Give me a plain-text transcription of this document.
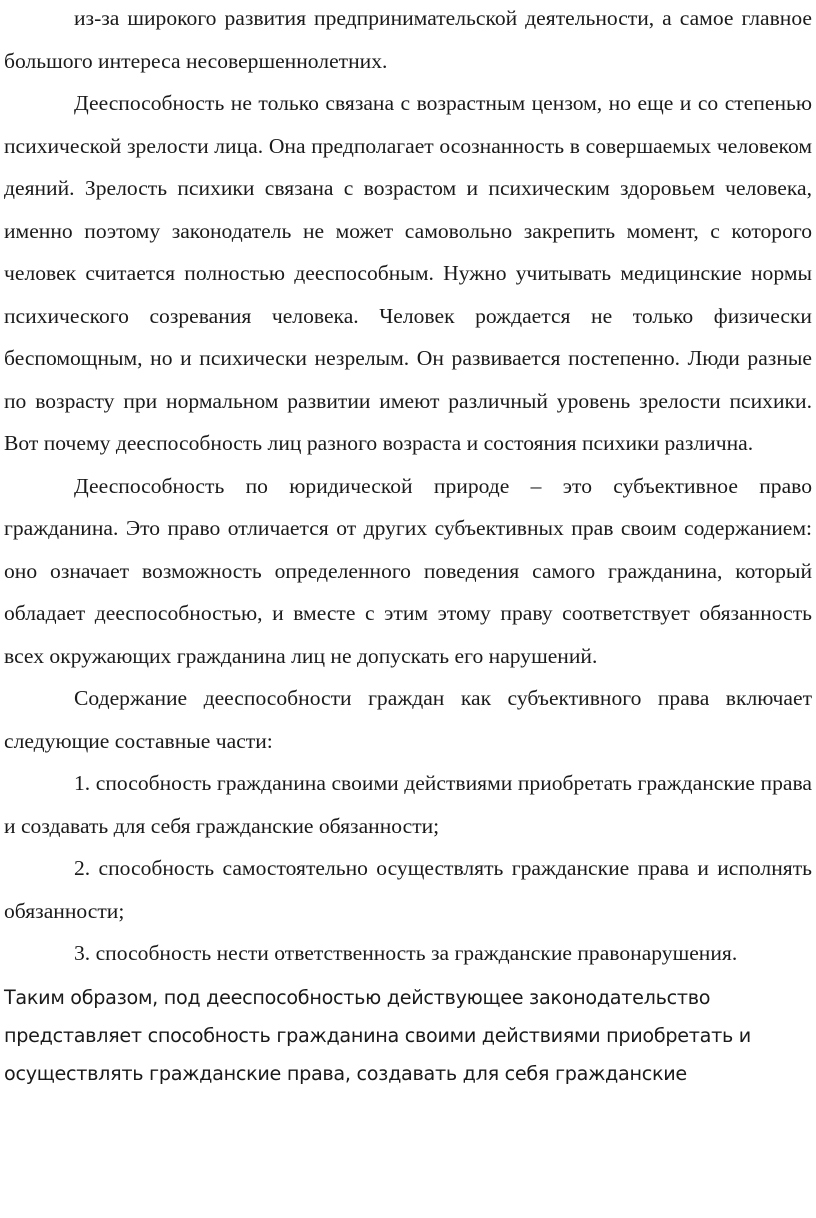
из-за широкого развития предпринимательской деятельности, а самое главное большого интереса несовершеннолетних.

Дееспособность не только связана с возрастным цензом, но еще и со степенью психической зрелости лица. Она предполагает осознанность в совершаемых человеком деяний. Зрелость психики связана с возрастом и психическим здоровьем человека, именно поэтому законодатель не может самовольно закрепить момент, с которого человек считается полностью дееспособным. Нужно учитывать медицинские нормы психического созревания человека. Человек рождается не только физически беспомощным, но и психически незрелым. Он развивается постепенно. Люди разные по возрасту при нормальном развитии имеют различный уровень зрелости психики. Вот почему дееспособность лиц разного возраста и состояния психики различна.

Дееспособность по юридической природе – это субъективное право гражданина. Это право отличается от других субъективных прав своим содержанием: оно означает возможность определенного поведения самого гражданина, который обладает дееспособностью, и вместе с этим этому праву соответствует обязанность всех окружающих гражданина лиц не допускать его нарушений.

Содержание дееспособности граждан как субъективного права включает следующие составные части:

1. способность гражданина своими действиями приобретать гражданские права и создавать для себя гражданские обязанности;

2. способность самостоятельно осуществлять гражданские права и исполнять обязанности;

3. способность нести ответственность за гражданские правонарушения.

Таким образом, под дееспособностью действующее законодательство представляет способность гражданина своими действиями приобретать и осуществлять гражданские права, создавать для себя гражданские
